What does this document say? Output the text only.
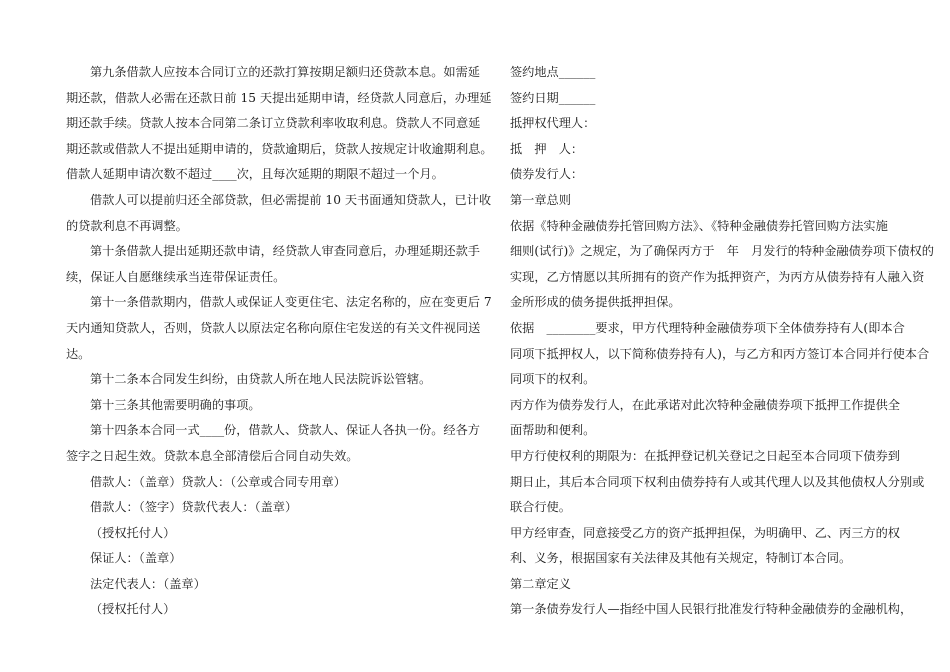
第九条借款人应按本合同订立的还款打算按期足额归还贷款本息。如需延

期还款，借款人必需在还款日前 15 天提出延期申请，经贷款人同意后，办理延

期还款手续。贷款人按本合同第二条订立贷款利率收取利息。贷款人不同意延

期还款或借款人不提出延期申请的，贷款逾期后，贷款人按规定计收逾期利息。

借款人延期申请次数不超过____次，且每次延期的期限不超过一个月。

借款人可以提前归还全部贷款，但必需提前 10 天书面通知贷款人，已计收

的贷款利息不再调整。

第十条借款人提出延期还款申请，经贷款人审查同意后，办理延期还款手

续，保证人自愿继续承当连带保证责任。

第十一条借款期内，借款人或保证人变更住宅、法定名称的，应在变更后 7

天内通知贷款人，否则，贷款人以原法定名称向原住宅发送的有关文件视同送

达。

第十二条本合同发生纠纷，由贷款人所在地人民法院诉讼管辖。

第十三条其他需要明确的事项。

第十四条本合同一式____份，借款人、贷款人、保证人各执一份。经各方

签字之日起生效。贷款本息全部清偿后合同自动失效。

借款人：（盖章）贷款人：（公章或合同专用章）

借款人：（签字）贷款代表人：（盖章）

（授权托付人）

保证人：（盖章）

法定代表人：（盖章）

（授权托付人）

签约地点______

签约日期______

抵押权代理人：

抵　押　人：

债券发行人：

第一章总则

依据《特种金融债券托管回购方法》、《特种金融债券托管回购方法实施

细则(试行)》之规定，为了确保丙方于　年　月发行的特种金融债券项下债权的

实现，乙方情愿以其所拥有的资产作为抵押资产，为丙方从债券持有人融入资

金所形成的债务提供抵押担保。

依据　________要求，甲方代理特种金融债券项下全体债券持有人(即本合

同项下抵押权人，以下简称债券持有人)，与乙方和丙方签订本合同并行使本合

同项下的权利。

丙方作为债券发行人，在此承诺对此次特种金融债券项下抵押工作提供全

面帮助和便利。

甲方行使权利的期限为：在抵押登记机关登记之日起至本合同项下债券到

期日止，其后本合同项下权利由债券持有人或其代理人以及其他债权人分别或

联合行使。

甲方经审查，同意接受乙方的资产抵押担保，为明确甲、乙、丙三方的权

利、义务，根据国家有关法律及其他有关规定，特制订本合同。

第二章定义

第一条债券发行人—指经中国人民银行批准发行特种金融债券的金融机构，
